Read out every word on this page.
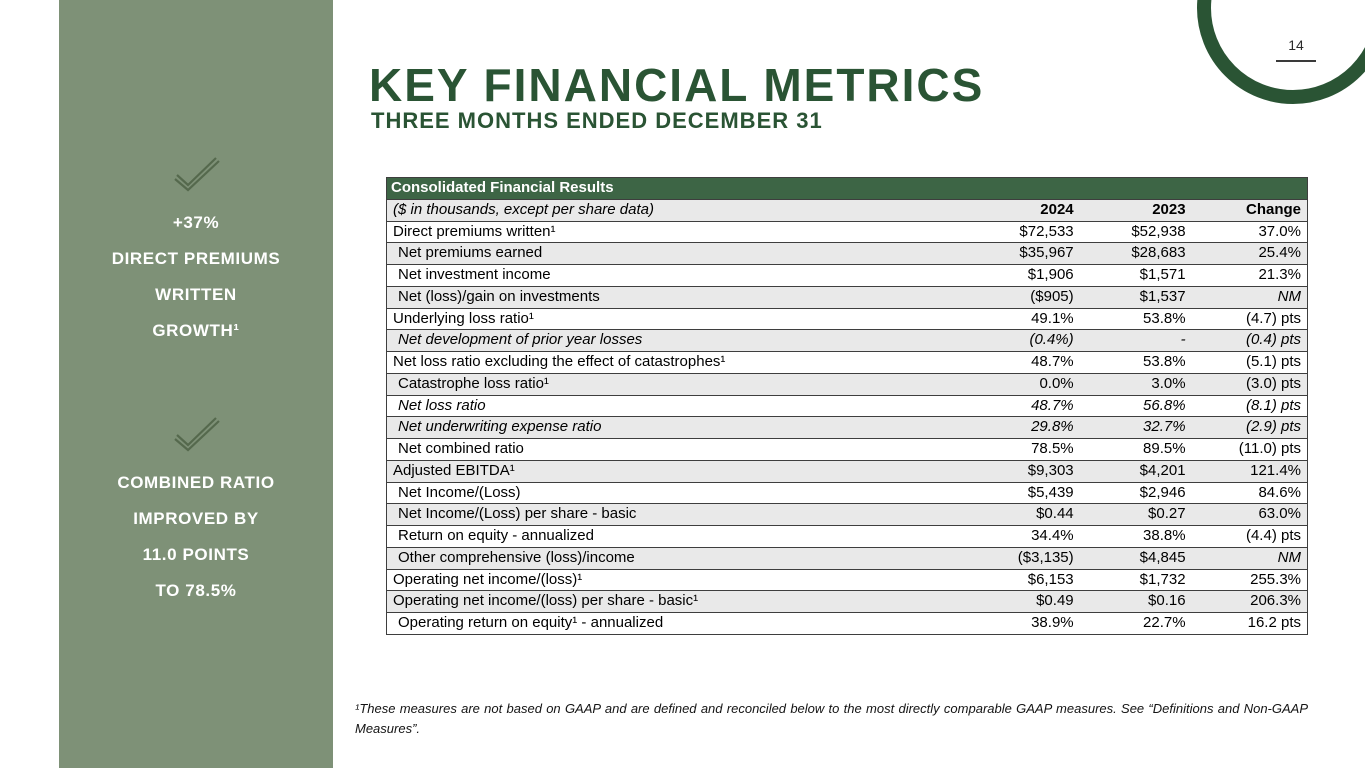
+37%
DIRECT PREMIUMS
WRITTEN
GROWTH¹
COMBINED RATIO
IMPROVED BY
11.0 POINTS
TO 78.5%
14
KEY FINANCIAL METRICS
THREE MONTHS ENDED DECEMBER 31
Consolidated Financial Results			
($ in thousands, except per share data)	2024	2023	Change
Direct premiums written¹	$72,533	$52,938	37.0%
Net premiums earned	$35,967	$28,683	25.4%
Net investment income	$1,906	$1,571	21.3%
Net (loss)/gain on investments	($905)	$1,537	NM
Underlying loss ratio¹	49.1%	53.8%	(4.7) pts
Net development of prior year losses	(0.4%)	-	(0.4) pts
Net loss ratio excluding the effect of catastrophes¹	48.7%	53.8%	(5.1) pts
Catastrophe loss ratio¹	0.0%	3.0%	(3.0) pts
Net loss ratio	48.7%	56.8%	(8.1) pts
Net underwriting expense ratio	29.8%	32.7%	(2.9) pts
Net combined ratio	78.5%	89.5%	(11.0) pts
Adjusted EBITDA¹	$9,303	$4,201	121.4%
Net Income/(Loss)	$5,439	$2,946	84.6%
Net Income/(Loss) per share - basic	$0.44	$0.27	63.0%
Return on equity - annualized	34.4%	38.8%	(4.4) pts
Other comprehensive (loss)/income	($3,135)	$4,845	NM
Operating net income/(loss)¹	$6,153	$1,732	255.3%
Operating net income/(loss) per share - basic¹	$0.49	$0.16	206.3%
Operating return on equity¹ - annualized	38.9%	22.7%	16.2 pts

¹These measures are not based on GAAP and are defined and reconciled below to the most directly comparable GAAP measures. See “Definitions and Non-GAAP Measures”.
